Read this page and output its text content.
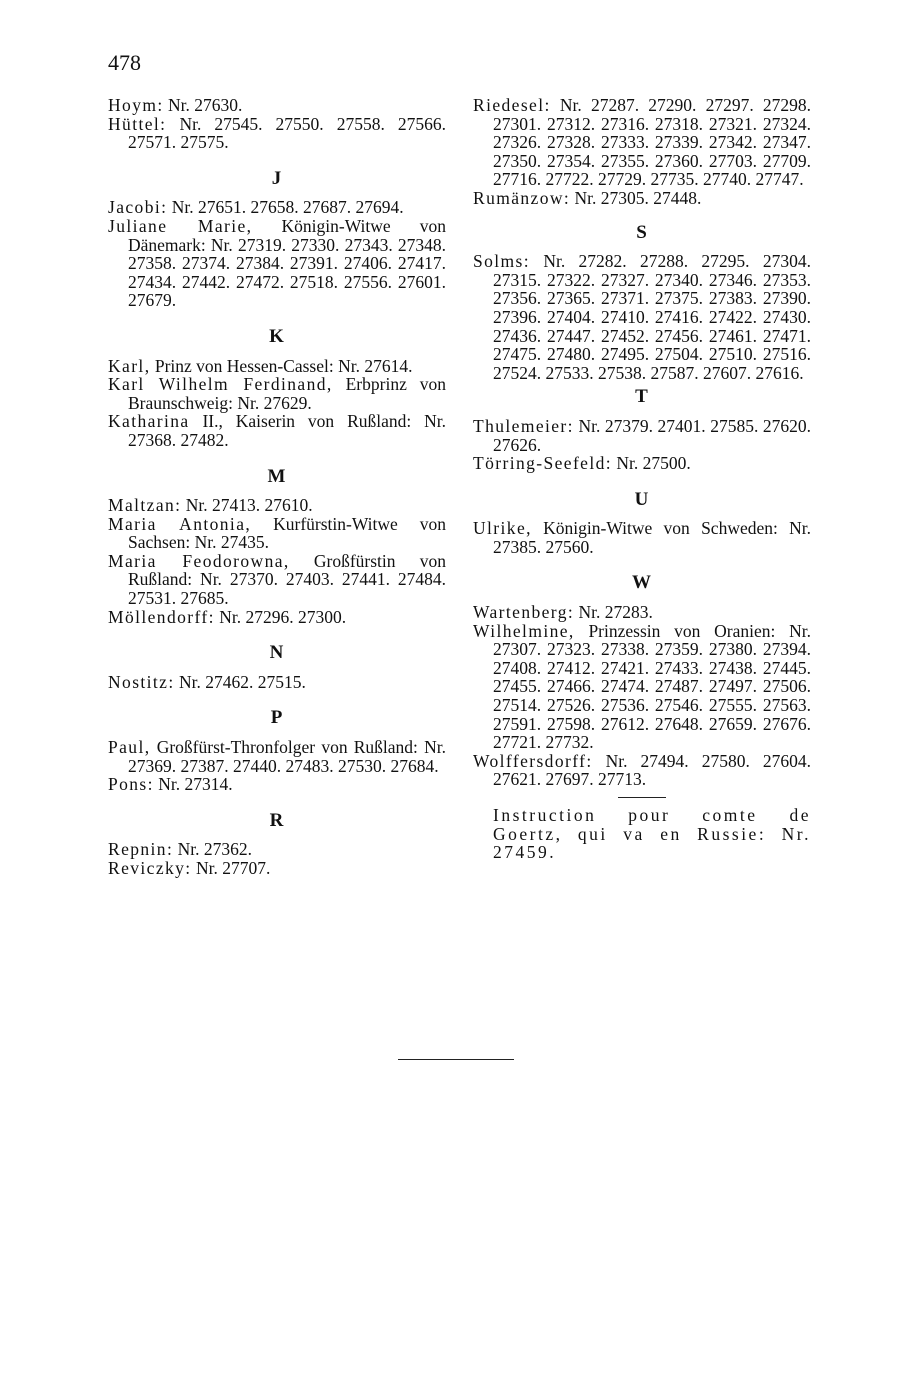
478
Hoym: Nr. 27630.
Hüttel: Nr. 27545. 27550. 27558. 27566. 27571. 27575.
J
Jacobi: Nr. 27651. 27658. 27687. 27694.
Juliane Marie, Königin-Witwe von Dänemark: Nr. 27319. 27330. 27343. 27348. 27358. 27374. 27384. 27391. 27406. 27417. 27434. 27442. 27472. 27518. 27556. 27601. 27679.
K
Karl, Prinz von Hessen-Cassel: Nr. 27614.
Karl Wilhelm Ferdinand, Erbprinz von Braunschweig: Nr. 27629.
Katharina II., Kaiserin von Rußland: Nr. 27368. 27482.
M
Maltzan: Nr. 27413. 27610.
Maria Antonia, Kurfürstin-Witwe von Sachsen: Nr. 27435.
Maria Feodorowna, Großfürstin von Rußland: Nr. 27370. 27403. 27441. 27484. 27531. 27685.
Möllendorff: Nr. 27296. 27300.
N
Nostitz: Nr. 27462. 27515.
P
Paul, Großfürst-Thronfolger von Rußland: Nr. 27369. 27387. 27440. 27483. 27530. 27684.
Pons: Nr. 27314.
R
Repnin: Nr. 27362.
Reviczky: Nr. 27707.
Riedesel: Nr. 27287. 27290. 27297. 27298. 27301. 27312. 27316. 27318. 27321. 27324. 27326. 27328. 27333. 27339. 27342. 27347. 27350. 27354. 27355. 27360. 27703. 27709. 27716. 27722. 27729. 27735. 27740. 27747.
Rumänzow: Nr. 27305. 27448.
S
Solms: Nr. 27282. 27288. 27295. 27304. 27315. 27322. 27327. 27340. 27346. 27353. 27356. 27365. 27371. 27375. 27383. 27390. 27396. 27404. 27410. 27416. 27422. 27430. 27436. 27447. 27452. 27456. 27461. 27471. 27475. 27480. 27495. 27504. 27510. 27516. 27524. 27533. 27538. 27587. 27607. 27616.
T
Thulemeier: Nr. 27379. 27401. 27585. 27620. 27626.
Törring-Seefeld: Nr. 27500.
U
Ulrike, Königin-Witwe von Schweden: Nr. 27385. 27560.
W
Wartenberg: Nr. 27283.
Wilhelmine, Prinzessin von Oranien: Nr. 27307. 27323. 27338. 27359. 27380. 27394. 27408. 27412. 27421. 27433. 27438. 27445. 27455. 27466. 27474. 27487. 27497. 27506. 27514. 27526. 27536. 27546. 27555. 27563. 27591. 27598. 27612. 27648. 27659. 27676. 27721. 27732.
Wolffersdorff: Nr. 27494. 27580. 27604. 27621. 27697. 27713.
Instruction pour comte de Goertz, qui va en Russie: Nr. 27459.
